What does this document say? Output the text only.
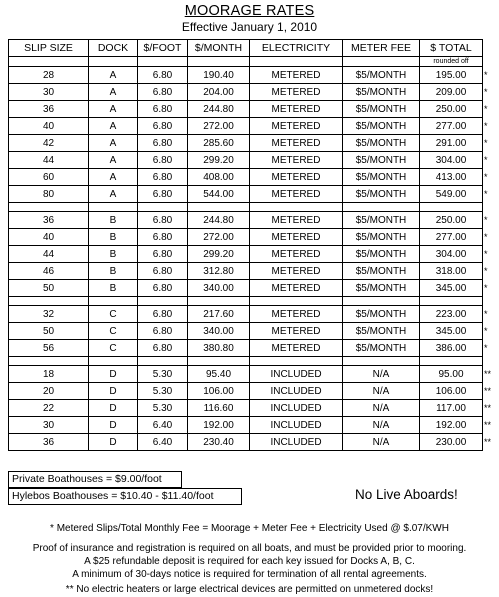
MOORAGE RATES
Effective January 1, 2010
SLIP SIZE	DOCK	$/FOOT	$/MONTH	ELECTRICITY	METER FEE	$ TOTAL
						rounded off
28	A	6.80	190.40	METERED	$5/MONTH	195.00
30	A	6.80	204.00	METERED	$5/MONTH	209.00
36	A	6.80	244.80	METERED	$5/MONTH	250.00
40	A	6.80	272.00	METERED	$5/MONTH	277.00
42	A	6.80	285.60	METERED	$5/MONTH	291.00
44	A	6.80	299.20	METERED	$5/MONTH	304.00
60	A	6.80	408.00	METERED	$5/MONTH	413.00
80	A	6.80	544.00	METERED	$5/MONTH	549.00

36	B	6.80	244.80	METERED	$5/MONTH	250.00
40	B	6.80	272.00	METERED	$5/MONTH	277.00
44	B	6.80	299.20	METERED	$5/MONTH	304.00
46	B	6.80	312.80	METERED	$5/MONTH	318.00
50	B	6.80	340.00	METERED	$5/MONTH	345.00

32	C	6.80	217.60	METERED	$5/MONTH	223.00
50	C	6.80	340.00	METERED	$5/MONTH	345.00
56	C	6.80	380.80	METERED	$5/MONTH	386.00

18	D	5.30	95.40	INCLUDED	N/A	95.00
20	D	5.30	106.00	INCLUDED	N/A	106.00
22	D	5.30	116.60	INCLUDED	N/A	117.00
30	D	6.40	192.00	INCLUDED	N/A	192.00
36	D	6.40	230.40	INCLUDED	N/A	230.00
*
*
*
*
*
*
*
*
*
*
*
*
*
*
*
*
**
**
**
**
**
Private Boathouses = $9.00/foot
Hylebos Boathouses = $10.40 - $11.40/foot	No Live Aboards!
* Metered Slips/Total Monthly Fee = Moorage + Meter Fee + Electricity Used @ $.07/KWH
Proof of insurance and registration is required on all boats, and must be provided prior to mooring.
A $25 refundable deposit is required for each key issued for Docks A, B, C.
A minimum of 30-days notice is required for termination of all rental agreements.
** No electric heaters or large electrical devices are permitted on unmetered docks!
